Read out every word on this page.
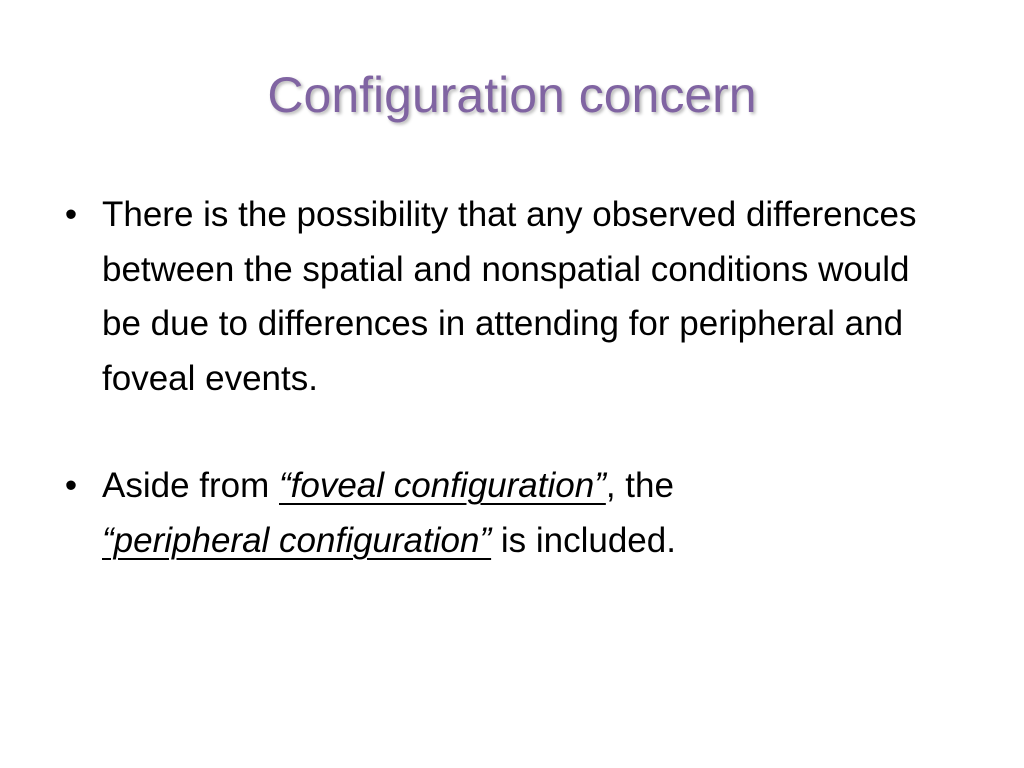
Configuration concern
• There is the possibility that any observed differences between the spatial and nonspatial conditions would be due to differences in attending for peripheral and foveal events.
• Aside from “foveal configuration”, the
“peripheral configuration” is included.
